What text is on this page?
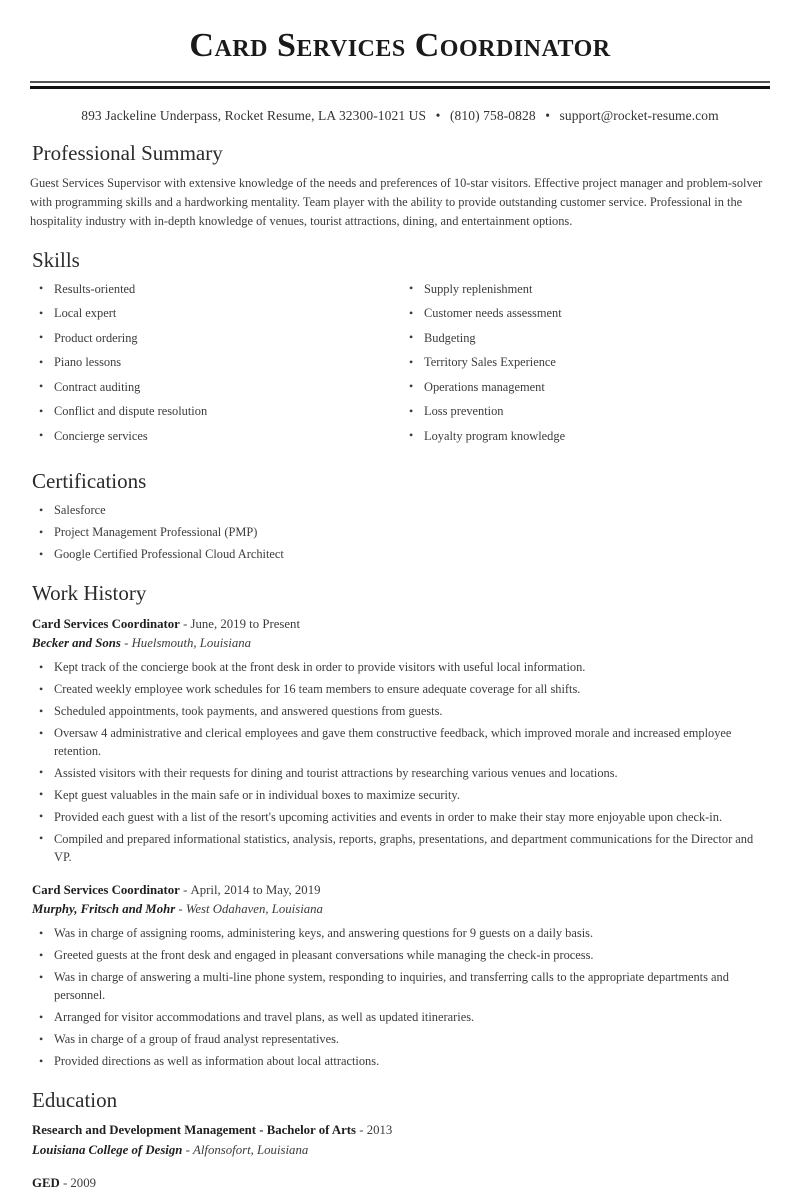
Card Services Coordinator
893 Jackeline Underpass, Rocket Resume, LA 32300-1021 US • (810) 758-0828 • support@rocket-resume.com
Professional Summary

Guest Services Supervisor with extensive knowledge of the needs and preferences of 10-star visitors. Effective project manager and problem-solver with programming skills and a hardworking mentality. Team player with the ability to provide outstanding customer service. Professional in the hospitality industry with in-depth knowledge of venues, tourist attractions, dining, and entertainment options.

Skills
• Results-oriented
• Local expert
• Product ordering
• Piano lessons
• Contract auditing
• Conflict and dispute resolution
• Concierge services
• Supply replenishment
• Customer needs assessment
• Budgeting
• Territory Sales Experience
• Operations management
• Loss prevention
• Loyalty program knowledge
Certifications
• Salesforce
• Project Management Professional (PMP)
• Google Certified Professional Cloud Architect
Work History
Card Services Coordinator - June, 2019 to Present
Becker and Sons - Huelsmouth, Louisiana
• Kept track of the concierge book at the front desk in order to provide visitors with useful local information.
• Created weekly employee work schedules for 16 team members to ensure adequate coverage for all shifts.
• Scheduled appointments, took payments, and answered questions from guests.
• Oversaw 4 administrative and clerical employees and gave them constructive feedback, which improved morale and increased employee retention.
• Assisted visitors with their requests for dining and tourist attractions by researching various venues and locations.
• Kept guest valuables in the main safe or in individual boxes to maximize security.
• Provided each guest with a list of the resort's upcoming activities and events in order to make their stay more enjoyable upon check-in.
• Compiled and prepared informational statistics, analysis, reports, graphs, presentations, and department communications for the Director and VP.
Card Services Coordinator - April, 2014 to May, 2019
Murphy, Fritsch and Mohr - West Odahaven, Louisiana
• Was in charge of assigning rooms, administering keys, and answering questions for 9 guests on a daily basis.
• Greeted guests at the front desk and engaged in pleasant conversations while managing the check-in process.
• Was in charge of answering a multi-line phone system, responding to inquiries, and transferring calls to the appropriate departments and personnel.
• Arranged for visitor accommodations and travel plans, as well as updated itineraries.
• Was in charge of a group of fraud analyst representatives.
• Provided directions as well as information about local attractions.
Education
Research and Development Management - Bachelor of Arts - 2013
Louisiana College of Design - Alfonsofort, Louisiana
GED - 2009
